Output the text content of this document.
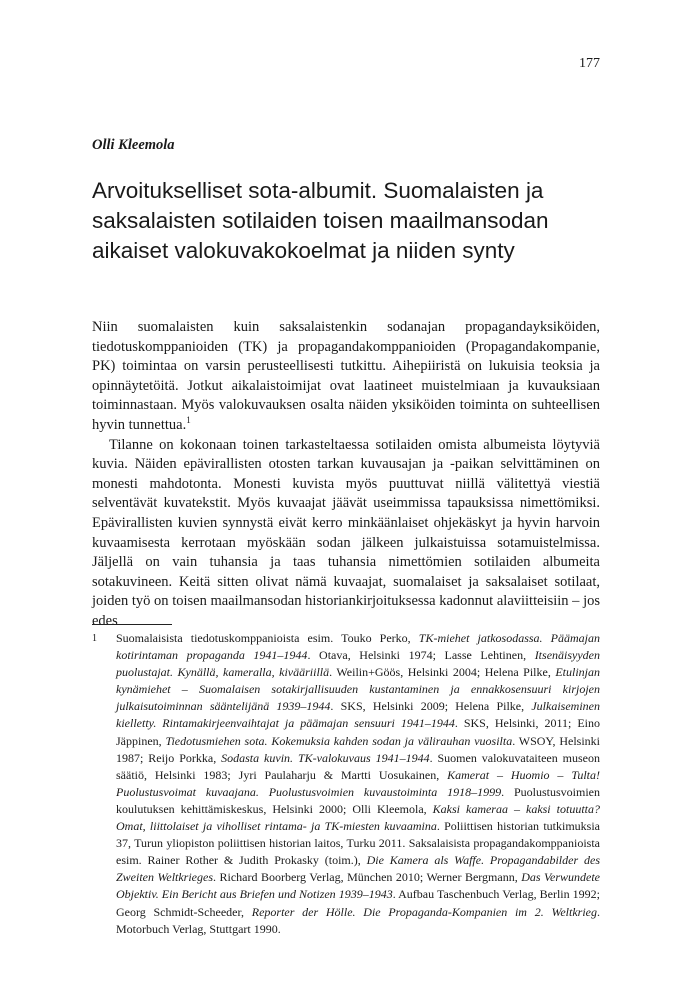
177
Olli Kleemola
Arvoitukselliset sota-albumit. Suomalaisten ja saksalaisten sotilaiden toisen maailmansodan aikaiset valokuvakokoelmat ja niiden synty

Niin suomalaisten kuin saksalaistenkin sodanajan propagandayksiköiden, tiedotuskomppanioiden (TK) ja propagandakomppanioiden (Propagandakompanie, PK) toimintaa on varsin perusteellisesti tutkittu. Aihepiiristä on lukuisia teoksia ja opinnäytetöitä. Jotkut aikalaistoimijat ovat laatineet muistelmiaan ja kuvauksiaan toiminnastaan. Myös valokuvauksen osalta näiden yksiköiden toiminta on suhteellisen hyvin tunnettua.$^1$

Tilanne on kokonaan toinen tarkasteltaessa sotilaiden omista albumeista löytyviä kuvia. Näiden epävirallisten otosten tarkan kuvausajan ja -paikan selvittäminen on monesti mahdotonta. Monesti kuvista myös puuttuvat niillä välitettyä viestiä selventävät kuvatekstit. Myös kuvaajat jäävät useimmissa tapauksissa nimettömiksi. Epävirallisten kuvien synnystä eivät kerro minkäänlaiset ohjekäskyt ja hyvin harvoin kuvaamisesta kerrotaan myöskään sodan jälkeen julkaistuissa sotamuistelmissa. Jäljellä on vain tuhansia ja taas tuhansia nimettömien sotilaiden albumeita sotakuvineen. Keitä sitten olivat nämä kuvaajat, suomalaiset ja saksalaiset sotilaat, joiden työ on toisen maailmansodan historiankirjoituksessa kadonnut alaviitteisiin – jos edes

1 Suomalaisista tiedotuskomppanioista esim. Touko Perko, TK-miehet jatkosodassa. Päämajan kotirintaman propaganda 1941–1944. Otava, Helsinki 1974; Lasse Lehtinen, Itsenäisyyden puolustajat. Kynällä, kameralla, kivääriillä. Weilin+Göös, Helsinki 2004; Helena Pilke, Etulinjan kynämiehet – Suomalaisen sotakirjallisuuden kustantaminen ja ennakkosensuuri kirjojen julkaisutoiminnan sääntelijänä 1939–1944. SKS, Helsinki 2009; Helena Pilke, Julkaiseminen kielletty. Rintamakirjeenvaihtajat ja päämajan sensuuri 1941–1944. SKS, Helsinki, 2011; Eino Jäppinen, Tiedotusmiehen sota. Kokemuksia kahden sodan ja välirauhan vuosilta. WSOY, Helsinki 1987; Reijo Porkka, Sodasta kuvin. TK-valokuvaus 1941–1944. Suomen valokuvataiteen museon säätiö, Helsinki 1983; Jyri Paulaharju & Martti Uosukainen, Kamerat – Huomio – Tulta! Puolustusvoimat kuvaajana. Puolustusvoimien kuvaustoiminta 1918–1999. Puolustusvoimien koulutuksen kehittämiskeskus, Helsinki 2000; Olli Kleemola, Kaksi kameraa – kaksi totuutta? Omat, liittolaiset ja viholliset rintama- ja TK-miesten kuvaamina. Poliittisen historian tutkimuksia 37, Turun yliopiston poliittisen historian laitos, Turku 2011. Saksalaisista propagandakomppanioista esim. Rainer Rother & Judith Prokasky (toim.), Die Kamera als Waffe. Propagandabilder des Zweiten Weltkrieges. Richard Boorberg Verlag, München 2010; Werner Bergmann, Das Verwundete Objektiv. Ein Bericht aus Briefen und Notizen 1939–1943. Aufbau Taschenbuch Verlag, Berlin 1992; Georg Schmidt-Scheeder, Reporter der Hölle. Die Propaganda-Kompanien im 2. Weltkrieg. Motorbuch Verlag, Stuttgart 1990.
